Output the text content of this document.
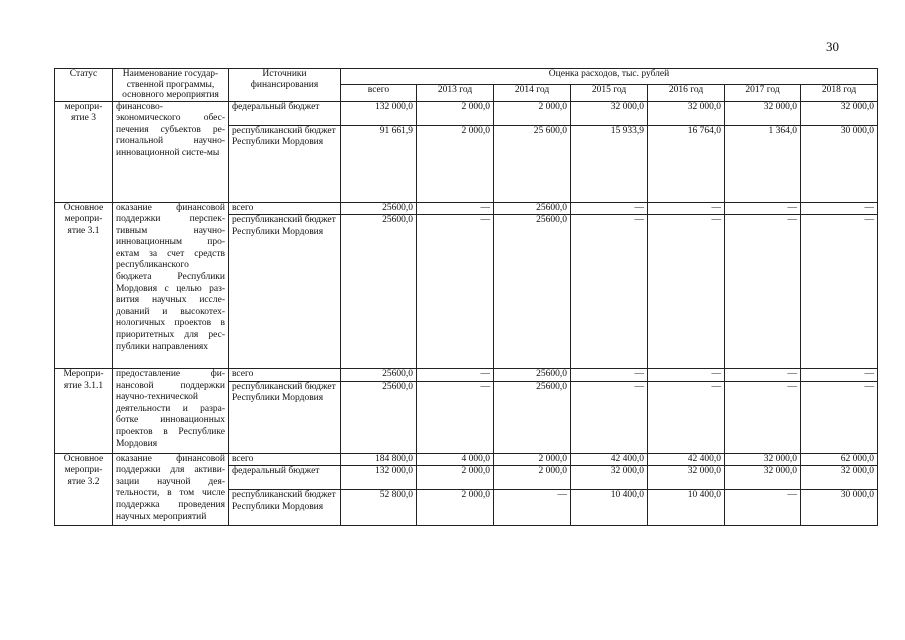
30
Статус	Наименование государ-ственной программы, основного мероприятия	Источники финансирования	Оценка расходов, тыс. рублей						
			всего	2013 год	2014 год	2015 год	2016 год	2017 год	2018 год
меропри-ятие 3	финансово-экономического обес-печения субъектов ре-гиональной научно-инновационной систе-мы	федеральный бюджет	132 000,0	2 000,0	2 000,0	32 000,0	32 000,0	32 000,0	32 000,0
		республиканский бюджет Республики Мордовия	91 661,9	2 000,0	25 600,0	15 933,9	16 764,0	1 364,0	30 000,0
Основное меропри-ятие 3.1	оказание финансовой поддержки перспек-тивным научно-инновационным про-ектам за счет средств республиканского бюджета Республики Мордовия с целью раз-вития научных иссле-дований и высокотех-нологичных проектов в приоритетных для рес-публики направлениях	всего	25600,0	—	25600,0	—	—	—	—
		республиканский бюджет Республики Мордовия	25600,0	—	25600,0	—	—	—	—
Меропри-ятие 3.1.1	предоставление фи-нансовой поддержки научно-технической деятельности и разра-ботке инновационных проектов в Республике Мордовия	всего	25600,0	—	25600,0	—	—	—	—
		республиканский бюджет Республики Мордовия	25600,0	—	25600,0	—	—	—	—
Основное меропри-ятие 3.2	оказание финансовой поддержки для активи-зации научной дея-тельности, в том числе поддержка проведения научных мероприятий	всего	184 800,0	4 000,0	2 000,0	42 400,0	42 400,0	32 000,0	62 000,0
		федеральный бюджет	132 000,0	2 000,0	2 000,0	32 000,0	32 000,0	32 000,0	32 000,0
		республиканский бюджет Республики Мордовия	52 800,0	2 000,0	—	10 400,0	10 400,0	—	30 000,0
